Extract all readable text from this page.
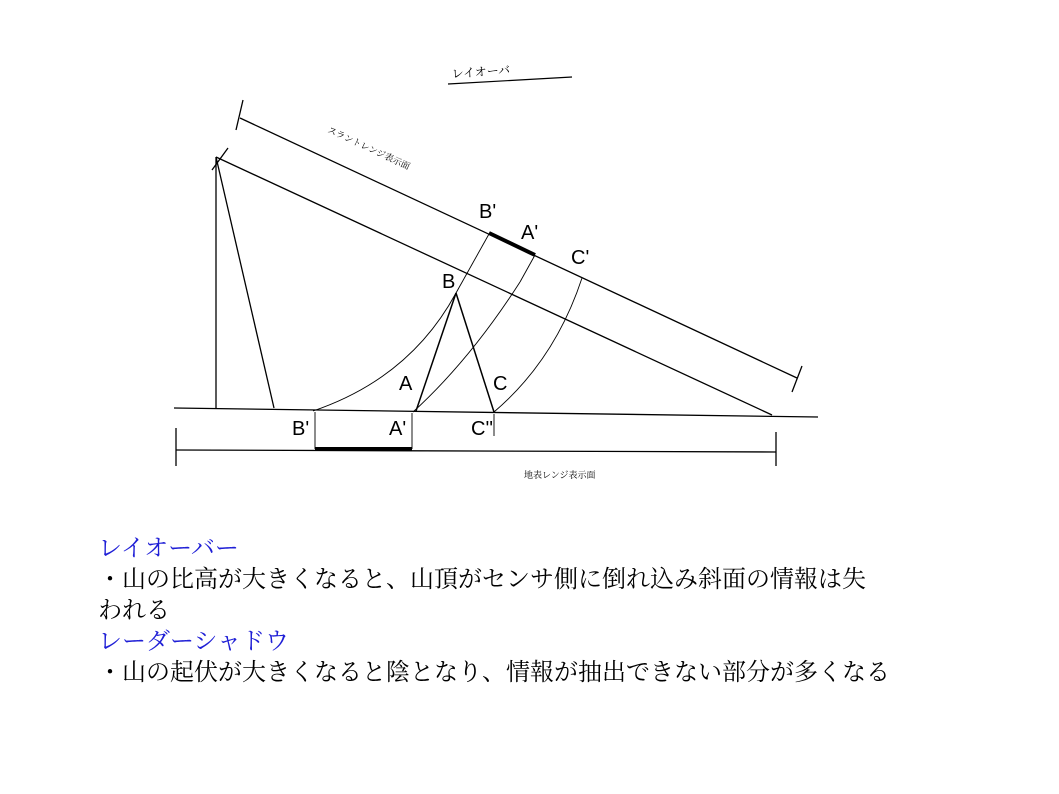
レイオーバ
スラントレンジ表示面
地表レンジ表示面
B'
A'
C'
B
A	C
B'	A'	C''

レイオーバー

・山の比高が大きくなると、山頂がセンサ側に倒れ込み斜面の情報は失

われる

レーダーシャドウ

・山の起伏が大きくなると陰となり、情報が抽出できない部分が多くなる
